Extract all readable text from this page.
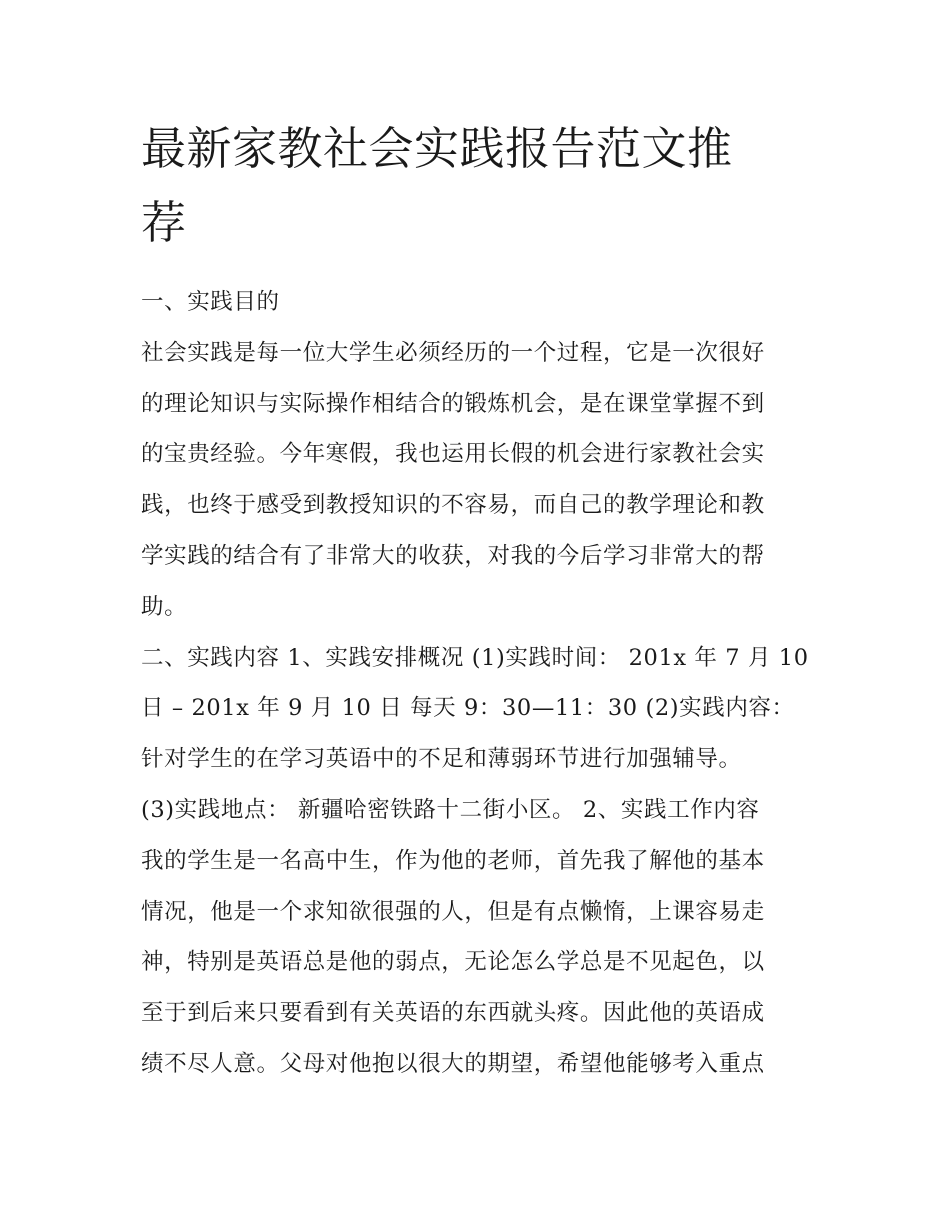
最新家教社会实践报告范文推
荐
一、实践目的
社会实践是每一位大学生必须经历的一个过程，它是一次很好
的理论知识与实际操作相结合的锻炼机会，是在课堂掌握不到
的宝贵经验。今年寒假，我也运用长假的机会进行家教社会实
践，也终于感受到教授知识的不容易，而自己的教学理论和教
学实践的结合有了非常大的收获，对我的今后学习非常大的帮
助。
二、实践内容 1、实践安排概况 (1)实践时间： 201x 年 7 月 10
日 – 201x 年 9 月 10 日 每天 9：30—11：30 (2)实践内容：
针对学生的在学习英语中的不足和薄弱环节进行加强辅导。
(3)实践地点： 新疆哈密铁路十二街小区。 2、实践工作内容
我的学生是一名高中生，作为他的老师，首先我了解他的基本
情况，他是一个求知欲很强的人，但是有点懒惰，上课容易走
神，特别是英语总是他的弱点，无论怎么学总是不见起色，以
至于到后来只要看到有关英语的东西就头疼。因此他的英语成
绩不尽人意。父母对他抱以很大的期望，希望他能够考入重点
